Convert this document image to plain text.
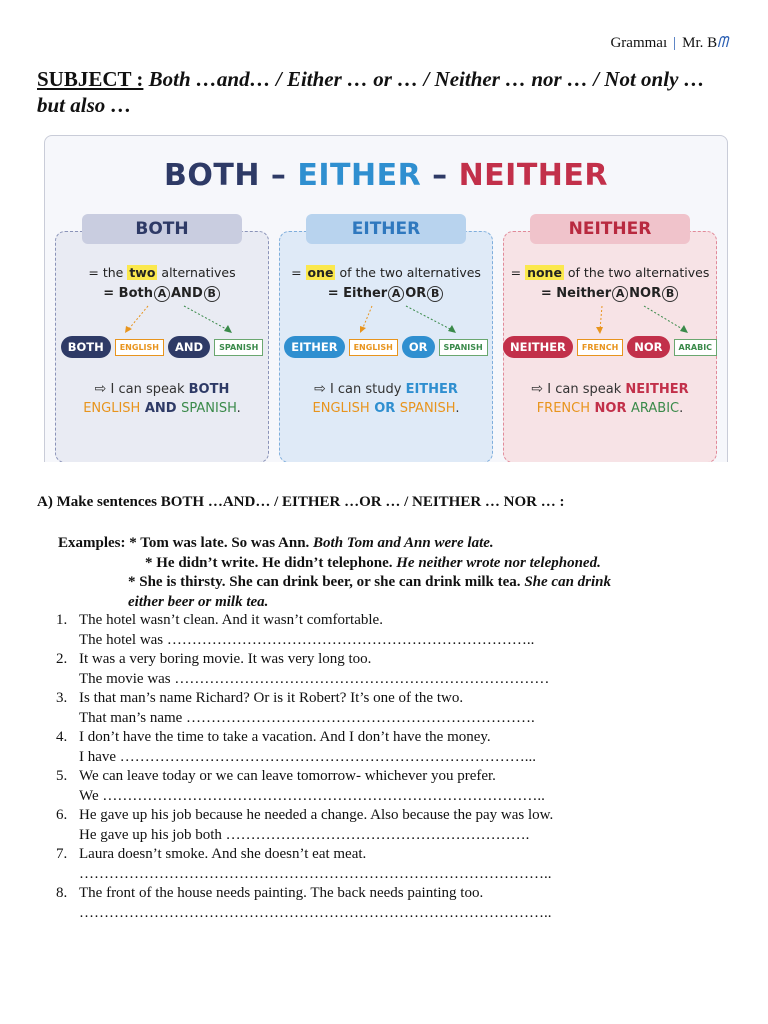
Grammaı | Mr. Bᗰ
SUBJECT : Both …and… / Either … or … / Neither … nor … / Not only … but also …
BOTH – EITHER – NEITHER
BOTH
= the two alternatives
= Both A AND B
BOTH	ENGLISH	AND	SPANISH
⇨ I can speak BOTH
ENGLISH AND SPANISH.
EITHER
= one of the two alternatives
= Either A OR B
EITHER	ENGLISH	OR	SPANISH
⇨ I can study EITHER
ENGLISH OR SPANISH.
NEITHER
= none of the two alternatives
= Neither A NOR B
NEITHER	FRENCH	NOR	ARABIC
⇨ I can speak NEITHER
FRENCH NOR ARABIC.
A) Make sentences BOTH …AND… / EITHER …OR … / NEITHER … NOR … :
Examples: * Tom was late. So was Ann. Both Tom and Ann were late.
* He didn’t write. He didn’t telephone. He neither wrote nor telephoned.
* She is thirsty. She can drink beer, or she can drink milk tea. She can drink
either beer or milk tea.
1. The hotel wasn’t clean. And it wasn’t comfortable.
The hotel was ………………………………………………………………..
2. It was a very boring movie. It was very long too.
The movie was …………………………………………………………………
3. Is that man’s name Richard? Or is it Robert? It’s one of the two.
That man’s name …………………………………………………………….
4. I don’t have the time to take a vacation. And I don’t have the money.
I have ………………………………………………………………………...
5. We can leave today or we can leave tomorrow- whichever you prefer.
We ……………………………………………………………………………..
6. He gave up his job because he needed a change. Also because the pay was low.
He gave up his job both …………………………………………………….
7. Laura doesn’t smoke. And she doesn’t eat meat.
…………………………………………………………………………………..
8. The front of the house needs painting. The back needs painting too.
…………………………………………………………………………………..
